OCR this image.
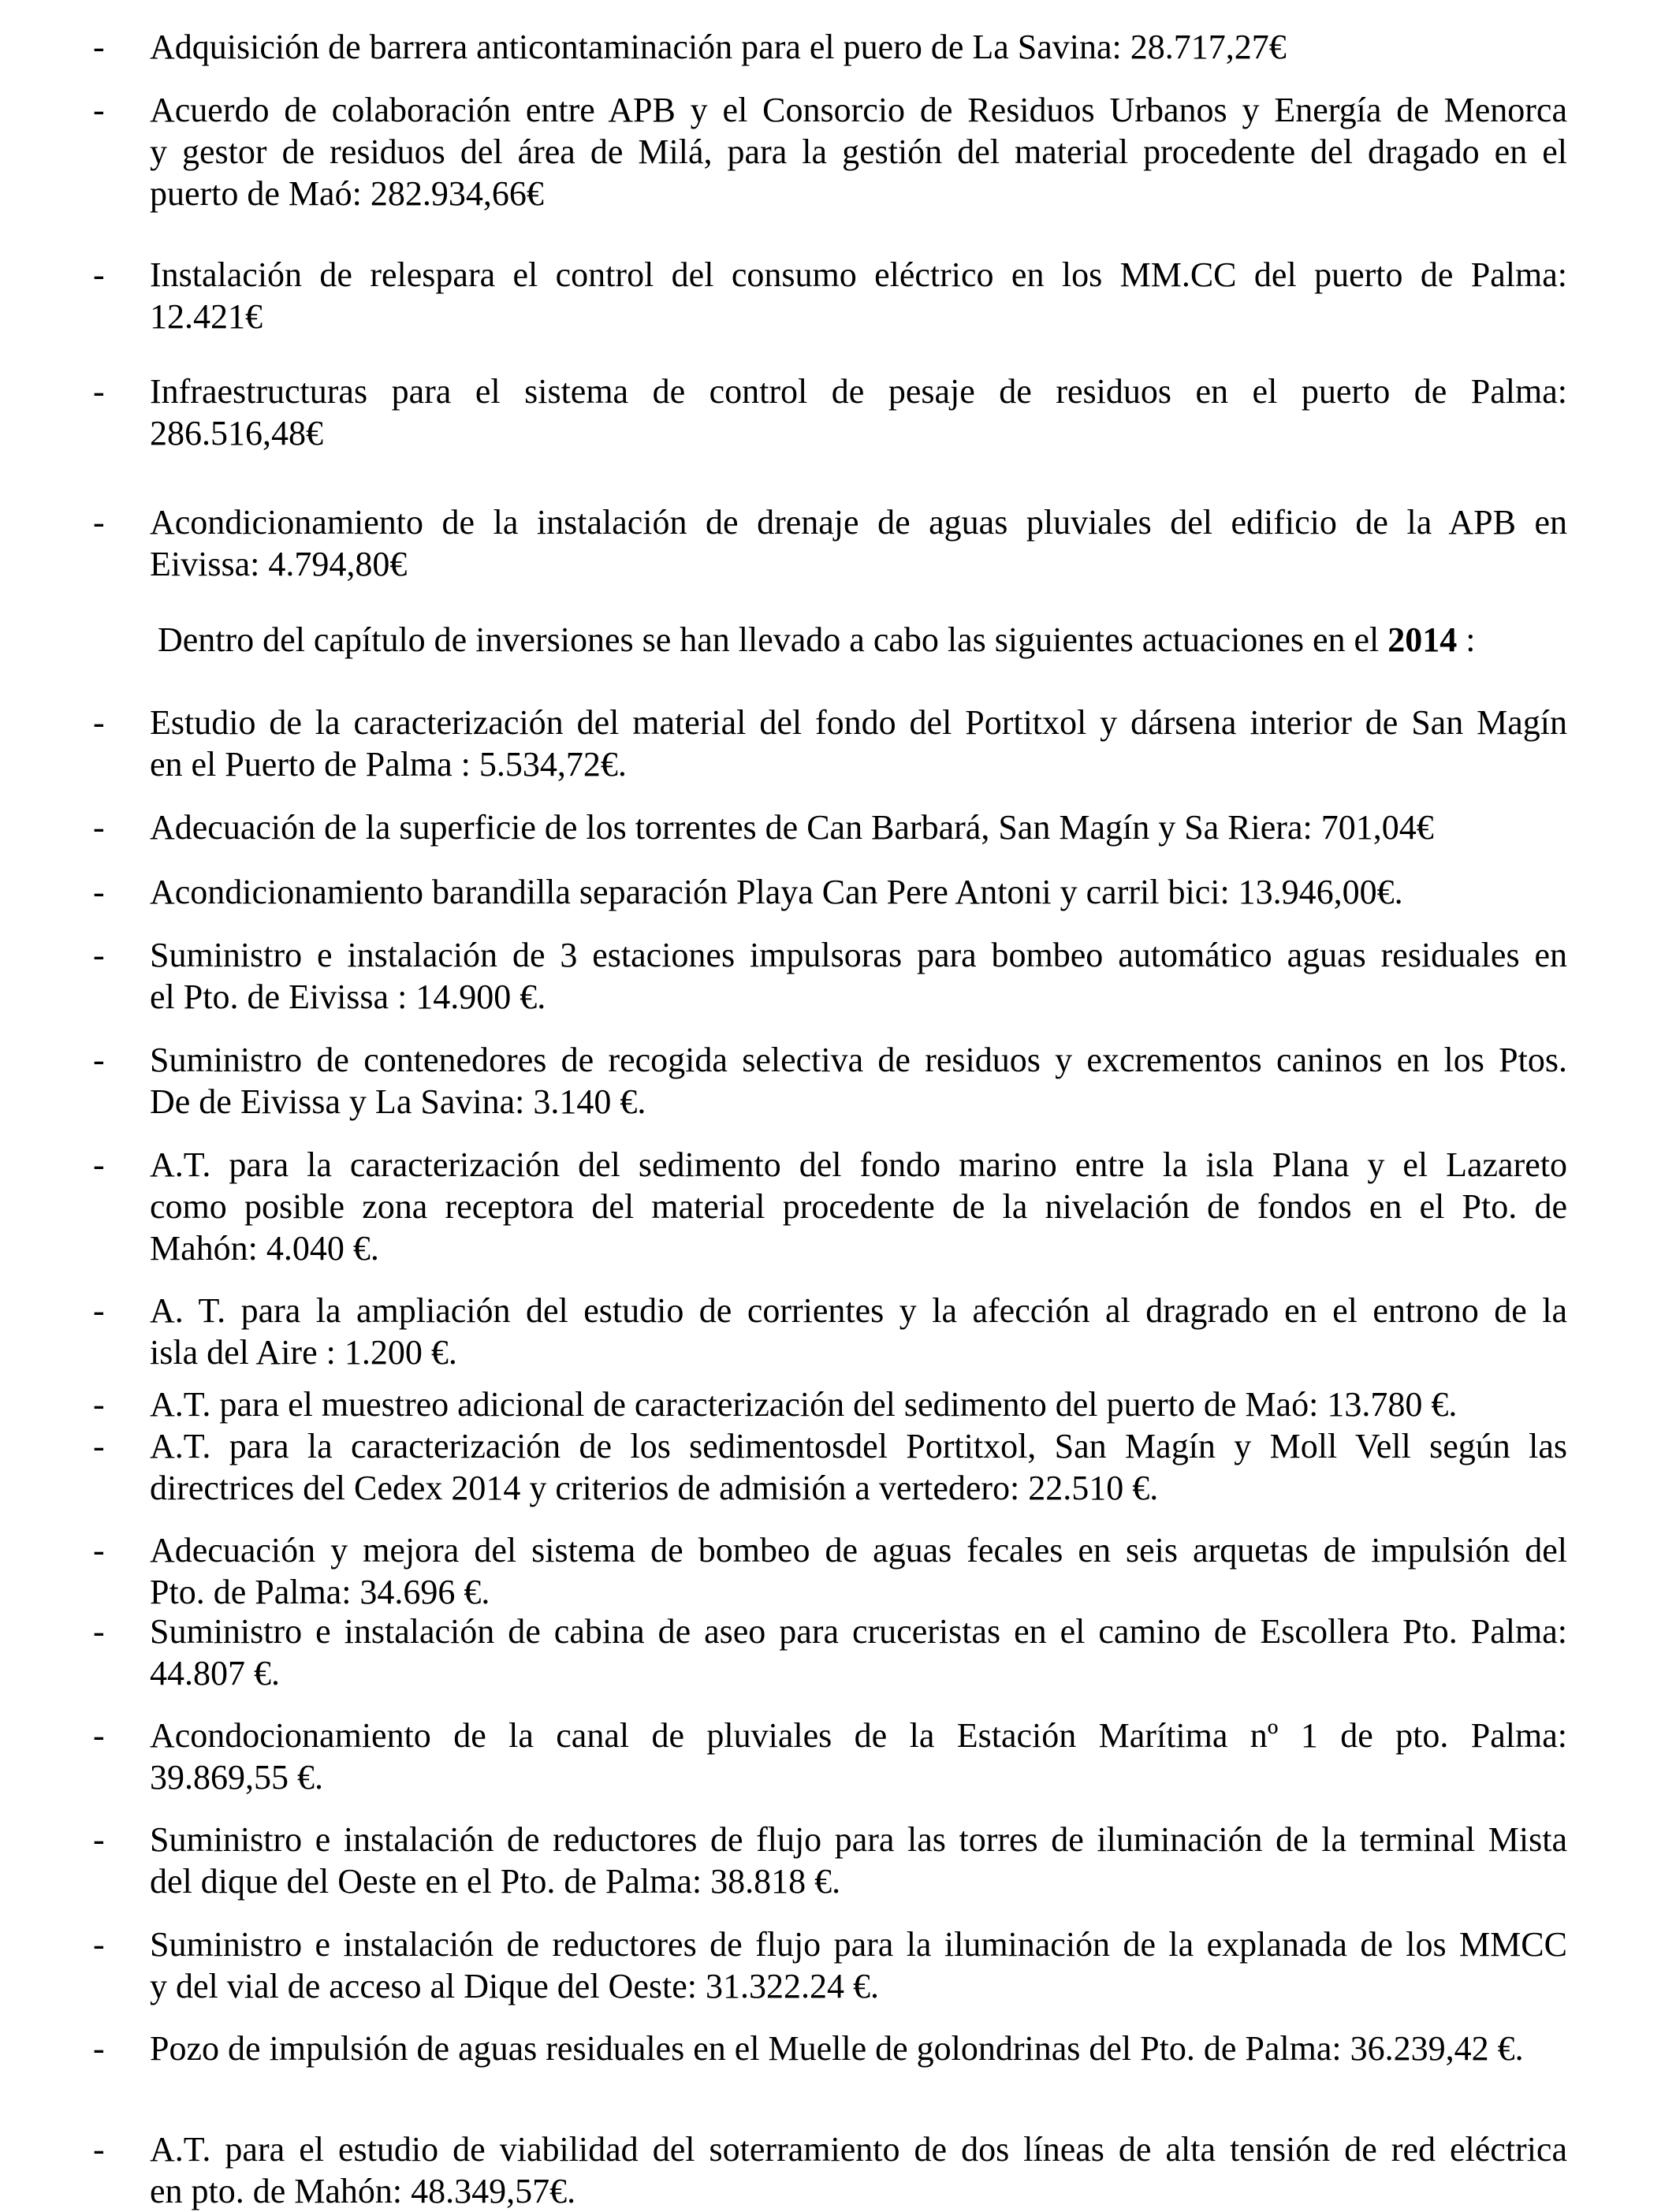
-	Adquisición de barrera anticontaminación para el puero de La Savina: 28.717,27€
-	Acuerdo de colaboración entre APB y el Consorcio de Residuos Urbanos y Energía de Menorca
y gestor de residuos del área de Milá, para la gestión del material procedente del dragado en el
puerto de Maó: 282.934,66€
-	Instalación de relespara el control del consumo eléctrico en los MM.CC del puerto de Palma:
12.421€
-	Infraestructuras para el sistema de control de pesaje de residuos en el puerto de Palma:
286.516,48€
-	Acondicionamiento de la instalación de drenaje de aguas pluviales del edificio de la APB en
Eivissa: 4.794,80€
Dentro del capítulo de inversiones se han llevado a cabo las siguientes actuaciones en el 2014 :
-	Estudio de la caracterización del material del fondo del Portitxol y dársena interior de San Magín
en el Puerto de Palma : 5.534,72€.
-	Adecuación de la superficie de los torrentes de Can Barbará, San Magín y Sa Riera: 701,04€
-	Acondicionamiento barandilla separación Playa Can Pere Antoni y carril bici: 13.946,00€.
-	Suministro e instalación de 3 estaciones impulsoras para bombeo automático aguas residuales en
el Pto. de Eivissa : 14.900 €.
-	Suministro de contenedores de recogida selectiva de residuos y excrementos caninos en los Ptos.
De de Eivissa y La Savina: 3.140 €.
-	A.T. para la caracterización del sedimento del fondo marino entre la isla Plana y el Lazareto
como posible zona receptora del material procedente de la nivelación de fondos en el Pto. de
Mahón: 4.040 €.
-	A. T. para la ampliación del estudio de corrientes y la afección al dragrado en el entrono de la
isla del Aire : 1.200 €.
-	A.T. para el muestreo adicional de caracterización del sedimento del puerto de Maó: 13.780 €.
-	A.T. para la caracterización de los sedimentosdel Portitxol, San Magín y Moll Vell según las
directrices del Cedex 2014 y criterios de admisión a vertedero: 22.510 €.
-	Adecuación y mejora del sistema de bombeo de aguas fecales en seis arquetas de impulsión del
Pto. de Palma: 34.696 €.
-	Suministro e instalación de cabina de aseo para cruceristas en el camino de Escollera Pto. Palma:
44.807 €.
-	Acondocionamiento de la canal de pluviales de la Estación Marítima nº 1 de pto. Palma:
39.869,55 €.
-	Suministro e instalación de reductores de flujo para las torres de iluminación de la terminal Mista
del dique del Oeste en el Pto. de Palma: 38.818 €.
-	Suministro e instalación de reductores de flujo para la iluminación de la explanada de los MMCC
y del vial de acceso al Dique del Oeste: 31.322.24 €.
-	Pozo de impulsión de aguas residuales en el Muelle de golondrinas del Pto. de Palma: 36.239,42 €.
-	A.T. para el estudio de viabilidad del soterramiento de dos líneas de alta tensión de red eléctrica
en pto. de Mahón: 48.349,57€.
